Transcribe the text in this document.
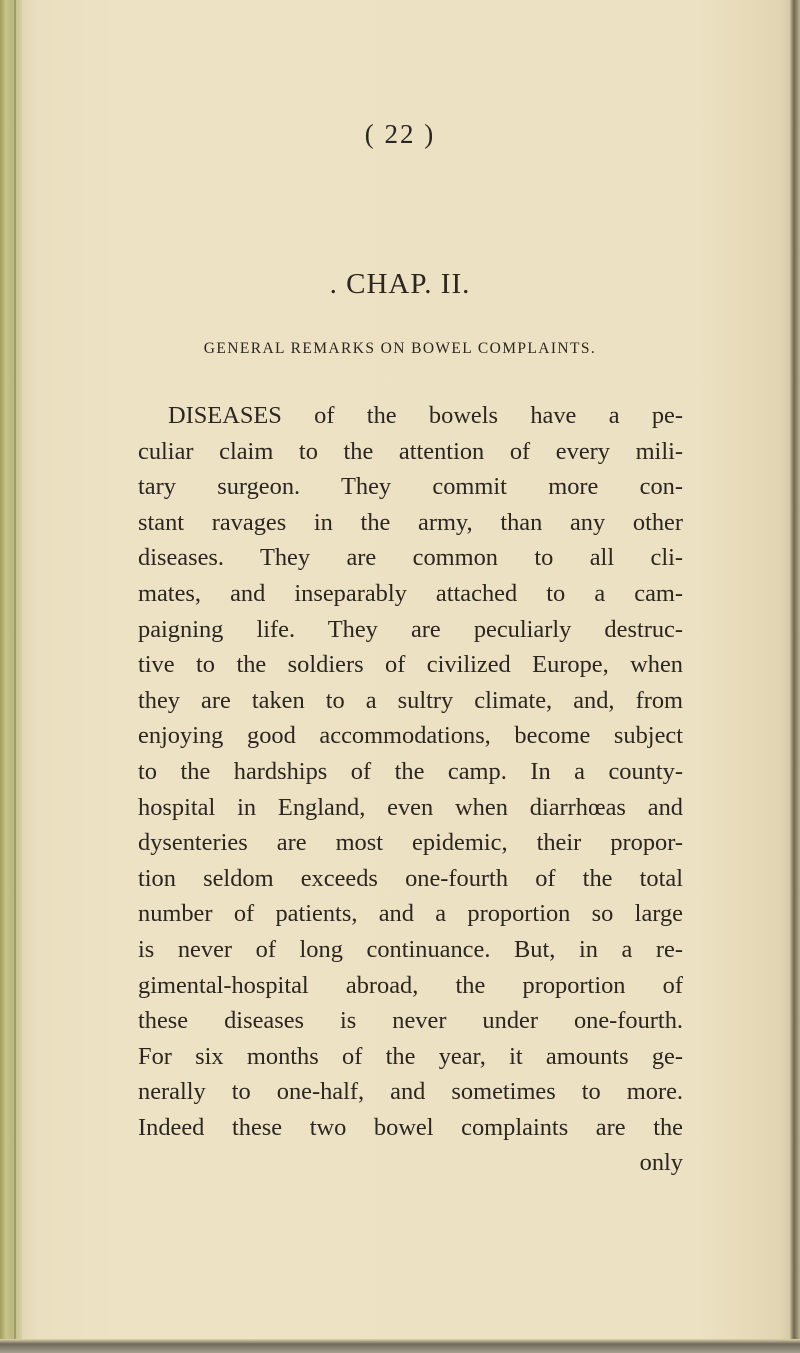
( 22 )
. CHAP. II.
GENERAL REMARKS ON BOWEL COMPLAINTS.
DISEASES of the bowels have a pe-
culiar claim to the attention of every mili-
tary surgeon. They commit more con-
stant ravages in the army, than any other
diseases. They are common to all cli-
mates, and inseparably attached to a cam-
paigning life. They are peculiarly destruc-
tive to the soldiers of civilized Europe, when
they are taken to a sultry climate, and, from
enjoying good accommodations, become subject
to the hardships of the camp. In a county-
hospital in England, even when diarrhœas and
dysenteries are most epidemic, their propor-
tion seldom exceeds one-fourth of the total
number of patients, and a proportion so large
is never of long continuance. But, in a re-
gimental-hospital abroad, the proportion of
these diseases is never under one-fourth.
For six months of the year, it amounts ge-
nerally to one-half, and sometimes to more.
Indeed these two bowel complaints are the
only
